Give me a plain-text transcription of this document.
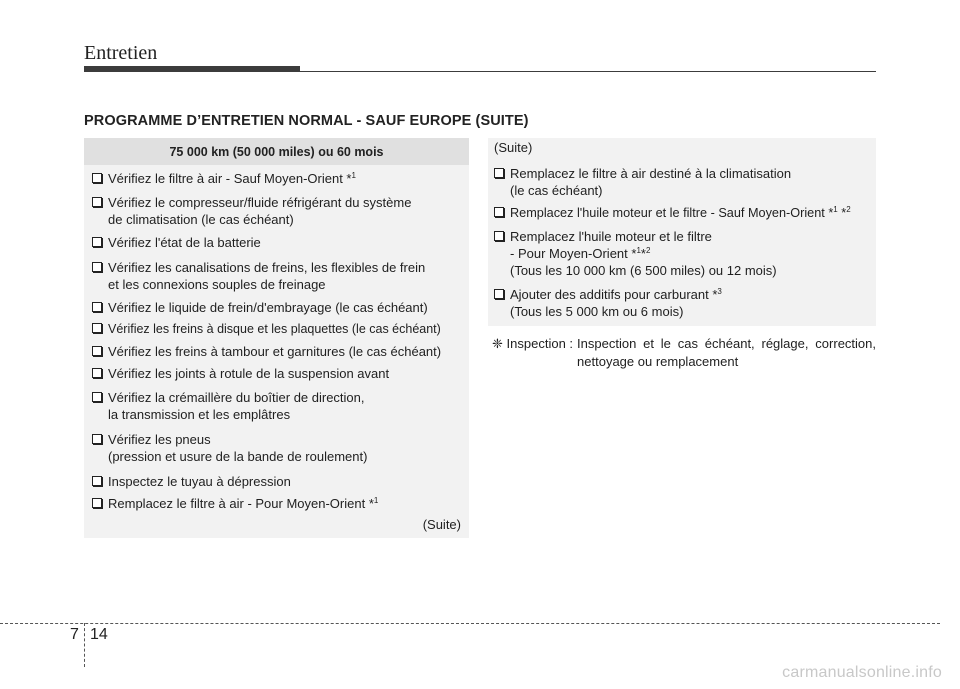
Entretien
PROGRAMME D’ENTRETIEN NORMAL - SAUF EUROPE (SUITE)
75 000 km (50 000 miles) ou 60 mois
Vérifiez le filtre à air - Sauf Moyen-Orient *$^1$
Vérifiez le compresseur/fluide réfrigérant du système
de climatisation (le cas échéant)
Vérifiez l'état de la batterie
Vérifiez les canalisations de freins, les flexibles de frein
et les connexions souples de freinage
Vérifiez le liquide de frein/d'embrayage (le cas échéant)
Vérifiez les freins à disque et les plaquettes (le cas échéant)
Vérifiez les freins à tambour et garnitures (le cas échéant)
Vérifiez les joints à rotule de la suspension avant
Vérifiez la crémaillère du boîtier de direction,
la transmission et les emplâtres
Vérifiez les pneus
(pression et usure de la bande de roulement)
Inspectez le tuyau à dépression
Remplacez le filtre à air - Pour Moyen-Orient *$^1$
(Suite)
(Suite)
Remplacez le filtre à air destiné à la climatisation
(le cas échéant)
Remplacez l'huile moteur et le filtre - Sauf Moyen-Orient *$^1$ *$^2$
Remplacez l'huile moteur et le filtre
- Pour Moyen-Orient *$^1$*$^2$
(Tous les 10 000 km (6 500 miles) ou 12 mois)
Ajouter des additifs pour carburant *$^3$
(Tous les 5 000 km ou 6 mois)
❈ Inspection : Inspection et le cas échéant, réglage, correction, nettoyage ou remplacement
7 14
carmanualsonline.info
